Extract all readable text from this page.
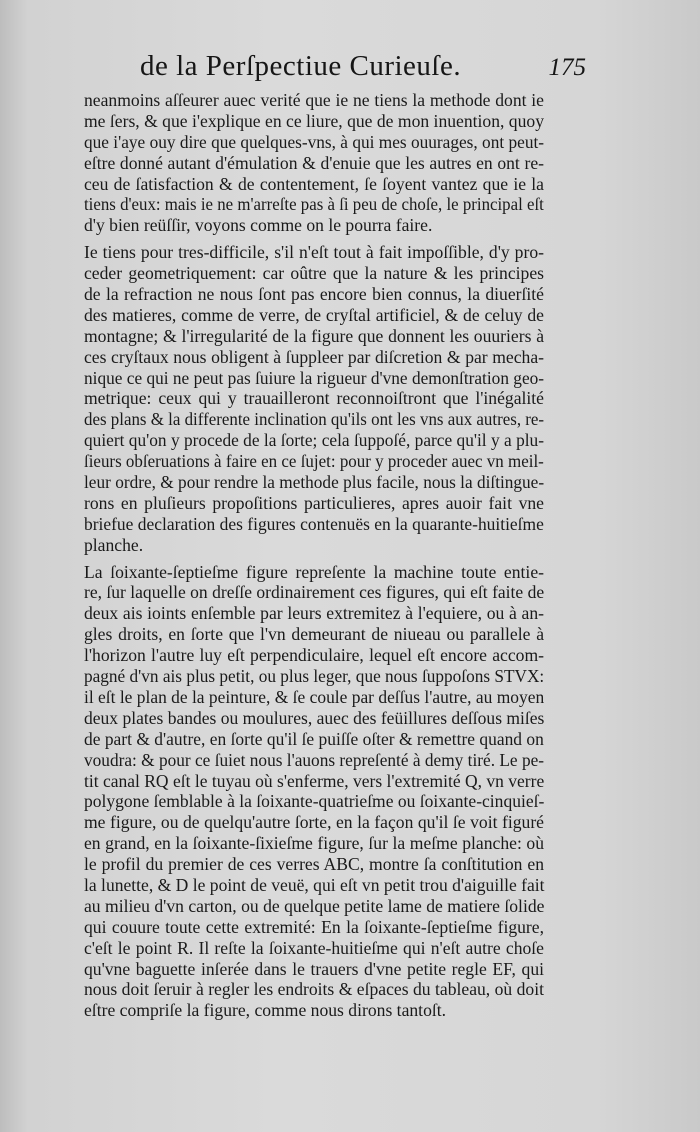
de la Perſpectiue Curieuſe.	175
neanmoins aſſeurer auec verité que ie ne tiens la methode dont ie
me ſers, & que i'explique en ce liure, que de mon inuention, quoy
que i'aye ouy dire que quelques-vns, à qui mes ouurages, ont peut-
eſtre donné autant d'émulation & d'enuie que les autres en ont re-
ceu de ſatisfaction & de contentement, ſe ſoyent vantez que ie la
tiens d'eux: mais ie ne m'arreſte pas à ſi peu de choſe, le principal eſt
d'y bien reüſſir, voyons comme on le pourra faire.
Ie tiens pour tres-difficile, s'il n'eſt tout à fait impoſſible, d'y pro-
ceder geometriquement: car oûtre que la nature & les principes
de la refraction ne nous ſont pas encore bien connus, la diuerſité
des matieres, comme de verre, de cryſtal artificiel, & de celuy de
montagne; & l'irregularité de la figure que donnent les ouuriers à
ces cryſtaux nous obligent à ſuppleer par diſcretion & par mecha-
nique ce qui ne peut pas ſuiure la rigueur d'vne demonſtration geo-
metrique: ceux qui y trauailleront reconnoiſtront que l'inégalité
des plans & la differente inclination qu'ils ont les vns aux autres, re-
quiert qu'on y procede de la ſorte; cela ſuppoſé, parce qu'il y a plu-
ſieurs obſeruations à faire en ce ſujet: pour y proceder auec vn meil-
leur ordre, & pour rendre la methode plus facile, nous la diſtingue-
rons en pluſieurs propoſitions particulieres, apres auoir fait vne
briefue declaration des figures contenuës en la quarante-huitieſme
planche.
La ſoixante-ſeptieſme figure repreſente la machine toute entie-
re, ſur laquelle on dreſſe ordinairement ces figures, qui eſt faite de
deux ais ioints enſemble par leurs extremitez à l'equiere, ou à an-
gles droits, en ſorte que l'vn demeurant de niueau ou parallele à
l'horizon l'autre luy eſt perpendiculaire, lequel eſt encore accom-
pagné d'vn ais plus petit, ou plus leger, que nous ſuppoſons STVX:
il eſt le plan de la peinture, & ſe coule par deſſus l'autre, au moyen
deux plates bandes ou moulures, auec des feüillures deſſous miſes
de part & d'autre, en ſorte qu'il ſe puiſſe oſter & remettre quand on
voudra: & pour ce ſuiet nous l'auons repreſenté à demy tiré. Le pe-
tit canal RQ eſt le tuyau où s'enferme, vers l'extremité Q, vn verre
polygone ſemblable à la ſoixante-quatrieſme ou ſoixante-cinquieſ-
me figure, ou de quelqu'autre ſorte, en la façon qu'il ſe voit figuré
en grand, en la ſoixante-ſixieſme figure, ſur la meſme planche: où
le profil du premier de ces verres ABC, montre ſa conſtitution en
la lunette, & D le point de veuë, qui eſt vn petit trou d'aiguille fait
au milieu d'vn carton, ou de quelque petite lame de matiere ſolide
qui couure toute cette extremité: En la ſoixante-ſeptieſme figure,
c'eſt le point R. Il reſte la ſoixante-huitieſme qui n'eſt autre choſe
qu'vne baguette inſerée dans le trauers d'vne petite regle EF, qui
nous doit ſeruir à regler les endroits & eſpaces du tableau, où doit
eſtre compriſe la figure, comme nous dirons tantoſt.
